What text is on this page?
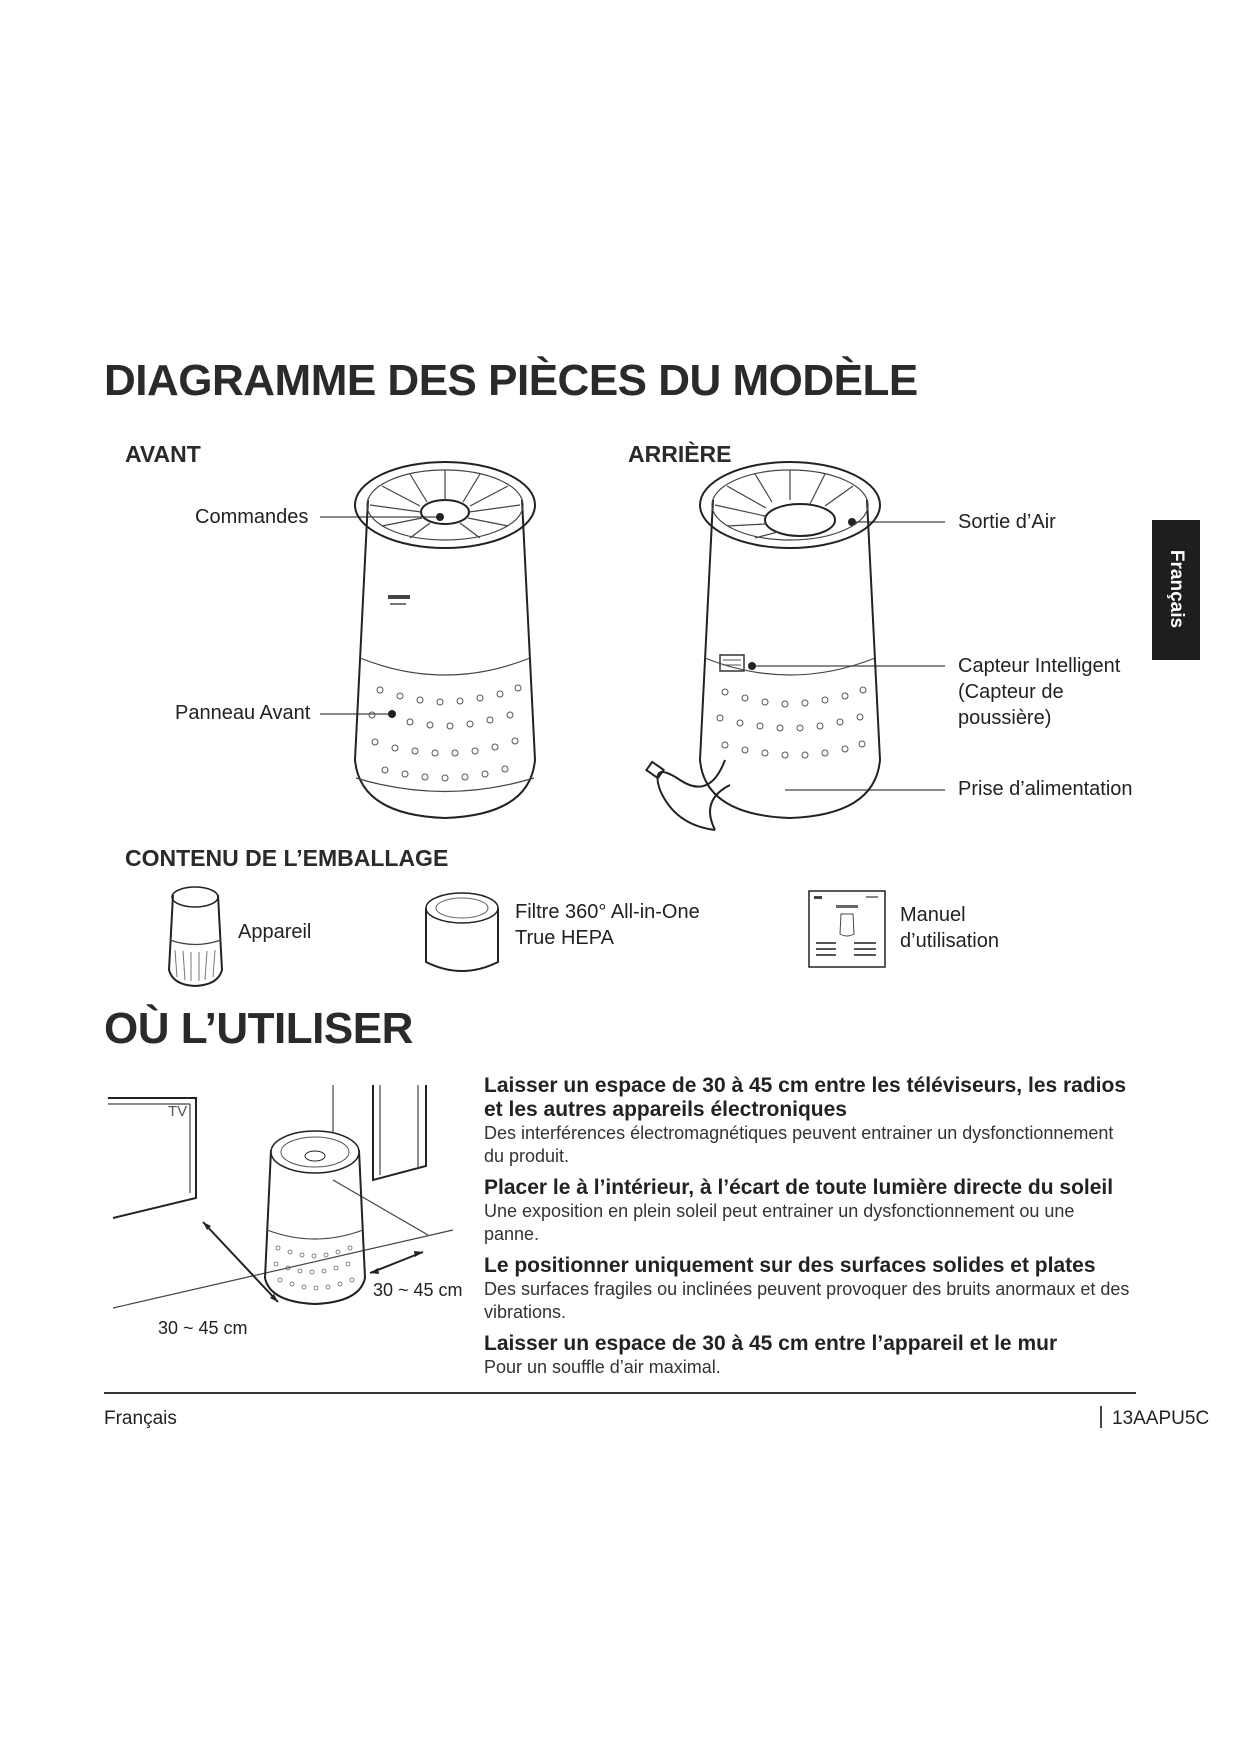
DIAGRAMME DES PIÈCES DU MODÈLE
Français
AVANT
Commandes
Panneau Avant
ARRIÈRE
Sortie d’Air
Capteur Intelligent
(Capteur de
poussière)
Prise d’alimentation
CONTENU DE L’EMBALLAGE
Appareil
Filtre 360° All-in-One
True HEPA
Manuel
d’utilisation
OÙ L’UTILISER
TV
30 ~ 45 cm
30 ~ 45 cm
Laisser un espace de 30 à 45 cm entre les téléviseurs, les radios et les autres appareils électroniques
Des interférences électromagnétiques peuvent entrainer un dysfonctionnement du produit.
Placer le à l’intérieur, à l’écart de toute lumière directe du soleil
Une exposition en plein soleil peut entrainer un dysfonctionnement ou une panne.
Le positionner uniquement sur des surfaces solides et plates
Des surfaces fragiles ou inclinées peuvent provoquer des bruits anormaux et des vibrations.
Laisser un espace de 30 à 45 cm entre l’appareil et le mur
Pour un souffle d’air maximal.
Français	13AAPU5C
